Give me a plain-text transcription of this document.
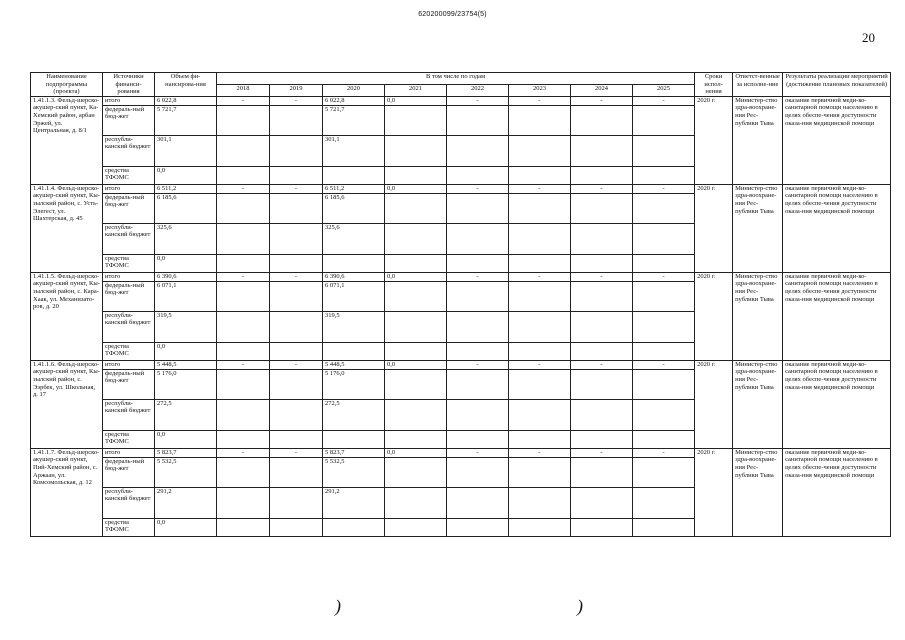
620200099/23754(5)
20
Наименование подпрограммы (проекта)	Источники финанси-рования	Объем фи-нансирова-ния	В том числе по годам								Сроки испол-нения	Ответст-венные за исполне-ние	Результаты реализации мероприятий (достижение плановых показателей)
			2018	2019	2020	2021	2022	2023	2024	2025			
1.41.1.3. Фельд-шерско-акушер-ский пункт, Ка-Хемский район, арбан Эржей, ул. Центральная, д. 8/1	итого	6 022,8	-	-	6 022,8	0,0	-	-	-	-	2020 г.	Министер-ство здра-воохране-ния Рес-публики Тыва	оказание первичной меди-ко-санитарной помощи населению в целях обеспе-чения доступности оказа-ния медицинской помощи
	федераль-ный бюд-жет	5 721,7			5 721,7								
	республи-канский бюджет	301,1			301,1								
	средства ТФОМС	0,0											
1.41.1.4. Фельд-шерско-акушер-ский пункт, Кы-зылский район, с. Усть-Элегест, ул. Шахтерская, д. 45	итого	6 511,2	-	-	6 511,2	0,0	-	-	-	-	2020 г.	Министер-ство здра-воохране-ния Рес-публики Тыва	оказание первичной меди-ко-санитарной помощи населению в целях обеспе-чения доступности оказа-ния медицинской помощи
	федераль-ный бюд-жет	6 185,6			6 185,6								
	республи-канский бюджет	325,6			325,6								
	средства ТФОМС	0,0											
1.41.1.5. Фельд-шерско-акушер-ский пункт, Кы-зылский район, с. Кара-Хаак, ул. Механизато-ров, д. 20	итого	6 390,6	-	-	6 390,6	0,0	-	-	-	-	2020 г.	Министер-ство здра-воохране-ния Рес-публики Тыва	оказание первичной меди-ко-санитарной помощи населению в целях обеспе-чения доступности оказа-ния медицинской помощи
	федераль-ный бюд-жет	6 071,1			6 071,1								
	республи-канский бюджет	319,5			319,5								
	средства ТФОМС	0,0											
1.41.1.6. Фельд-шерско-акушер-ский пункт, Кы-зылский район, с. Ээрбек, ул. Школьная, д. 17	итого	5 448,5	-	-	5 448,5	0,0	-	-	-	-	2020 г.	Министер-ство здра-воохране-ния Рес-публики Тыва	оказание первичной меди-ко-санитарной помощи населению в целях обеспе-чения доступности оказа-ния медицинской помощи
	федераль-ный бюд-жет	5 176,0			5 176,0								
	республи-канский бюджет	272,5			272,5								
	средства ТФОМС	0,0											
1.41.1.7. Фельд-шерско-акушер-ский пункт, Пий-Хемский район, с. Аржаан, ул. Комсомольская, д. 12	итого	5 823,7	-	-	5 823,7	0,0	-	-	-	-	2020 г.	Министер-ство здра-воохране-ния Рес-публики Тыва	оказание первичной меди-ко-санитарной помощи населению в целях обеспе-чения доступности оказа-ния медицинской помощи
	федераль-ный бюд-жет	5 532,5			5 532,5								
	республи-канский бюджет	291,2			291,2								
	средства ТФОМС	0,0											
)	)
